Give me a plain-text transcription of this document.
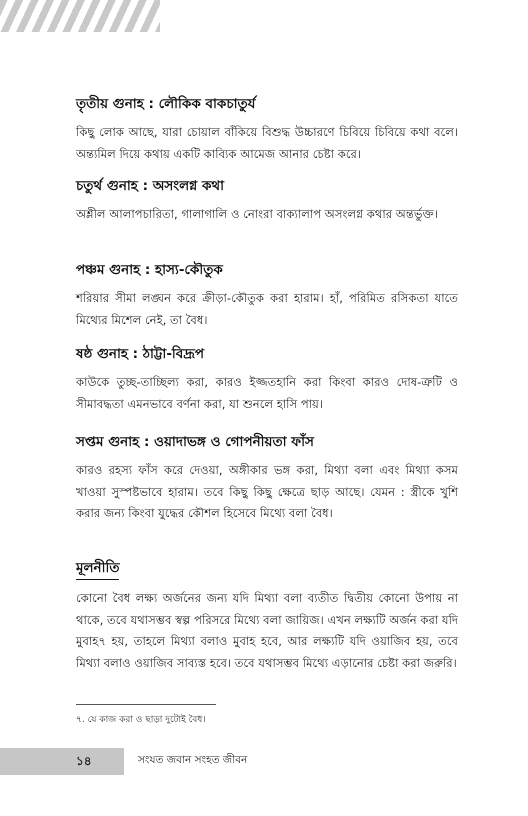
তৃতীয় গুনাহ : লৌকিক বাকচাতুর্য

কিছু লোক আছে, যারা চোয়াল বাঁকিয়ে বিশুদ্ধ উচ্চারণে চিবিয়ে চিবিয়ে কথা বলে। অন্ত্যমিল দিয়ে কথায় একটি কাব্যিক আমেজ আনার চেষ্টা করে।

চতুর্থ গুনাহ : অসংলগ্ন কথা

অশ্লীল আলাপচারিতা, গালাগালি ও নোংরা বাক্যালাপ অসংলগ্ন কথার অন্তর্ভুক্ত।

পঞ্চম গুনাহ : হাস্য-কৌতুক

শরিয়ার সীমা লঙ্ঘন করে ক্রীড়া-কৌতুক করা হারাম। হাঁ, পরিমিত রসিকতা যাতে মিথ্যের মিশেল নেই, তা বৈধ।

ষষ্ঠ গুনাহ : ঠাট্টা-বিদ্রূপ

কাউকে তুচ্ছ-তাচ্ছিল্য করা, কারও ইজ্জতহানি করা কিংবা কারও দোষ-ত্রুটি ও সীমাবদ্ধতা এমনভাবে বর্ণনা করা, যা শুনলে হাসি পায়।

সপ্তম গুনাহ : ওয়াদাভঙ্গ ও গোপনীয়তা ফাঁস

কারও রহস্য ফাঁস করে দেওয়া, অঙ্গীকার ভঙ্গ করা, মিথ্যা বলা এবং মিথ্যা কসম খাওয়া সুস্পষ্টভাবে হারাম। তবে কিছু কিছু ক্ষেত্রে ছাড় আছে। যেমন : স্ত্রীকে খুশি করার জন্য কিংবা যুদ্ধের কৌশল হিসেবে মিথ্যে বলা বৈধ।

মূলনীতি

কোনো বৈধ লক্ষ্য অর্জনের জন্য যদি মিথ্যা বলা ব্যতীত দ্বিতীয় কোনো উপায় না থাকে, তবে যথাসম্ভব স্বল্প পরিসরে মিথ্যে বলা জায়িজ। এখন লক্ষ্যটি অর্জন করা যদি মুবাহ৭ হয়, তাহলে মিথ্যা বলাও মুবাহ হবে, আর লক্ষ্যটি যদি ওয়াজিব হয়, তবে মিথ্যা বলাও ওয়াজিব সাব্যস্ত হবে। তবে যথাসম্ভব মিথ্যে এড়ানোর চেষ্টা করা জরুরি।

৭. যে কাজ করা ও ছাড়া দুটোই বৈধ।
১৪	সংযত জবান সংহত জীবন
